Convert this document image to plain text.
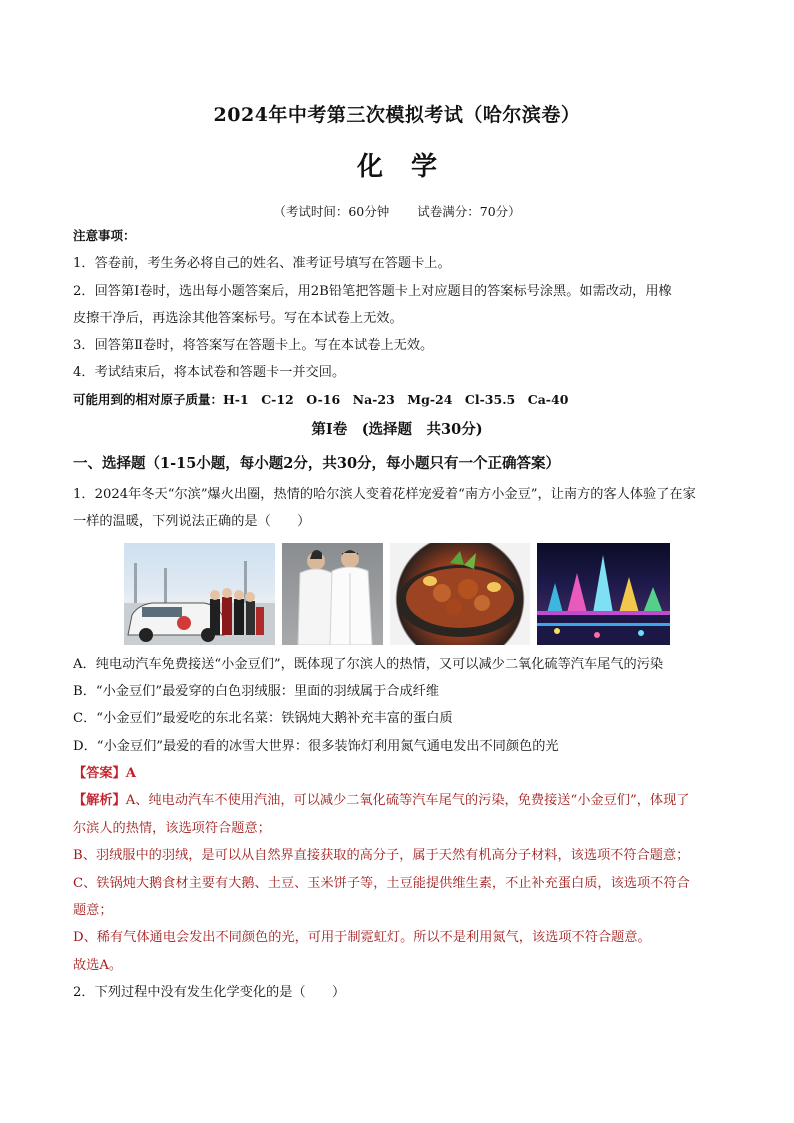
2024年中考第三次模拟考试（哈尔滨卷）
化学
（考试时间：60分钟 试卷满分：70分）
注意事项：
1．答卷前，考生务必将自己的姓名、准考证号填写在答题卡上。
2．回答第Ⅰ卷时，选出每小题答案后，用2B铅笔把答题卡上对应题目的答案标号涂黑。如需改动，用橡
皮擦干净后，再选涂其他答案标号。写在本试卷上无效。
3．回答第Ⅱ卷时，将答案写在答题卡上。写在本试卷上无效。
4．考试结束后，将本试卷和答题卡一并交回。
可能用到的相对原子质量：H-1　C-12　O-16　Na-23　Mg-24　Cl-35.5　Ca-40
第Ⅰ卷　(选择题　共30分)
一、选择题（1-15小题，每小题2分，共30分，每小题只有一个正确答案）
1．2024年冬天“尔滨”爆火出圈，热情的哈尔滨人变着花样宠爱着“南方小金豆”，让南方的客人体验了在家
一样的温暖，下列说法正确的是（　　）
A．纯电动汽车免费接送“小金豆们”，既体现了尔滨人的热情，又可以减少二氧化硫等汽车尾气的污染
B．“小金豆们”最爱穿的白色羽绒服：里面的羽绒属于合成纤维
C．“小金豆们”最爱吃的东北名菜：铁锅炖大鹅补充丰富的蛋白质
D．“小金豆们”最爱的看的冰雪大世界：很多装饰灯利用氮气通电发出不同颜色的光
【答案】A
【解析】A、纯电动汽车不使用汽油，可以减少二氧化硫等汽车尾气的污染，免费接送“小金豆们”，体现了
尔滨人的热情，该选项符合题意；
B、羽绒服中的羽绒，是可以从自然界直接获取的高分子，属于天然有机高分子材料，该选项不符合题意；
C、铁锅炖大鹅食材主要有大鹅、土豆、玉米饼子等，土豆能提供维生素，不止补充蛋白质，该选项不符合
题意；
D、稀有气体通电会发出不同颜色的光，可用于制霓虹灯。所以不是利用氮气，该选项不符合题意。
故选A。
2．下列过程中没有发生化学变化的是（　　）
